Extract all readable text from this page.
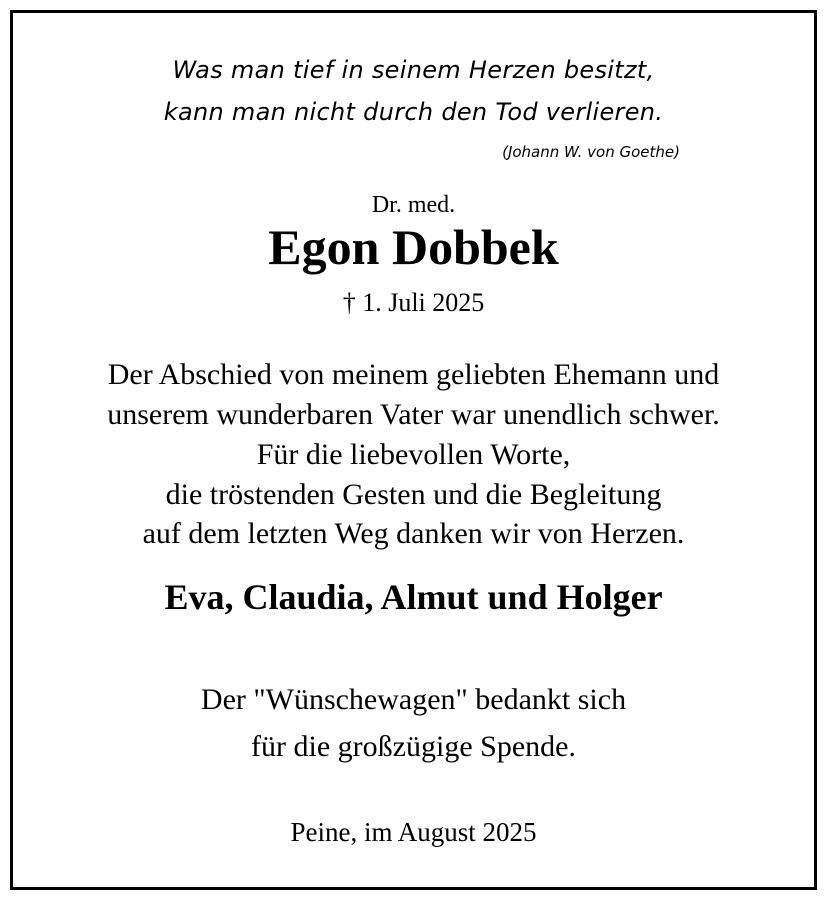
Was man tief in seinem Herzen besitzt,
kann man nicht durch den Tod verlieren.
(Johann W. von Goethe)
Dr. med.
Egon Dobbek
† 1. Juli 2025
Der Abschied von meinem geliebten Ehemann und
unserem wunderbaren Vater war unendlich schwer.
Für die liebevollen Worte,
die tröstenden Gesten und die Begleitung
auf dem letzten Weg danken wir von Herzen.
Eva, Claudia, Almut und Holger
Der "Wünschewagen" bedankt sich
für die großzügige Spende.
Peine, im August 2025
